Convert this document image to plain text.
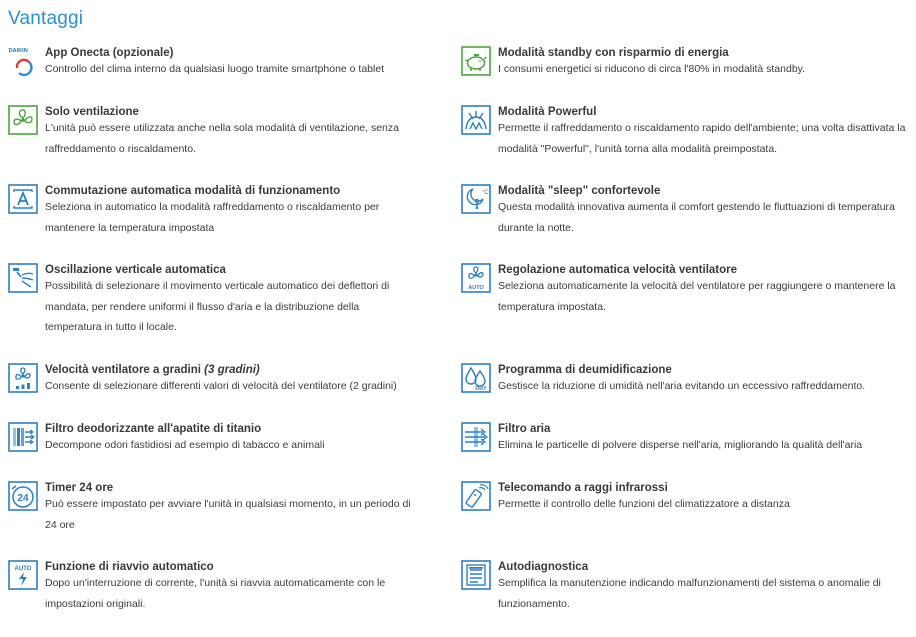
Vantaggi
DAIKIN App Onecta (opzionale)

Controllo del clima interno da qualsiasi luogo tramite smartphone o tablet

Solo ventilazione

L'unità può essere utilizzata anche nella sola modalità di ventilazione, senza raffreddamento o riscaldamento.

Commutazione automatica modalità di funzionamento

Seleziona in automatico la modalità raffreddamento o riscaldamento per mantenere la temperatura impostata

Oscillazione verticale automatica

Possibilità di selezionare il movimento verticale automatico dei deflettori di mandata, per rendere uniformi il flusso d'aria e la distribuzione della temperatura in tutto il locale.

Velocità ventilatore a gradini (3 gradini)

Consente di selezionare differenti valori di velocità del ventilatore (2 gradini)

Filtro deodorizzante all'apatite di titanio

Decompone odori fastidiosi ad esempio di tabacco e animali

24

Timer 24 ore

Può essere impostato per avviare l'unità in qualsiasi momento, in un periodo di 24 ore

AUTO Funzione di riavvio automatico

Dopo un'interruzione di corrente, l'unità si riavvia automaticamente con le impostazioni originali.

Modalità standby con risparmio di energia

I consumi energetici si riducono di circa l'80% in modalità standby.

Modalità Powerful

Permette il raffreddamento o riscaldamento rapido dell'ambiente; una volta disattivata la modalità "Powerful", l'unità torna alla modalità preimpostata.

°C Modalità "sleep" confortevole

Questa modalità innovativa aumenta il comfort gestendo le fluttuazioni di temperatura durante la notte.

AUTO

Regolazione automatica velocità ventilatore

Seleziona automaticamente la velocità del ventilatore per raggiungere o mantenere la temperatura impostata.

DRY

Programma di deumidificazione

Gestisce la riduzione di umidità nell'aria evitando un eccessivo raffreddamento.

Filtro aria

Elimina le particelle di polvere disperse nell'aria, migliorando la qualità dell'aria

Telecomando a raggi infrarossi

Permette il controllo delle funzioni del climatizzatore a distanza

Autodiagnostica

Semplifica la manutenzione indicando malfunzionamenti del sistema o anomalie di funzionamento.
